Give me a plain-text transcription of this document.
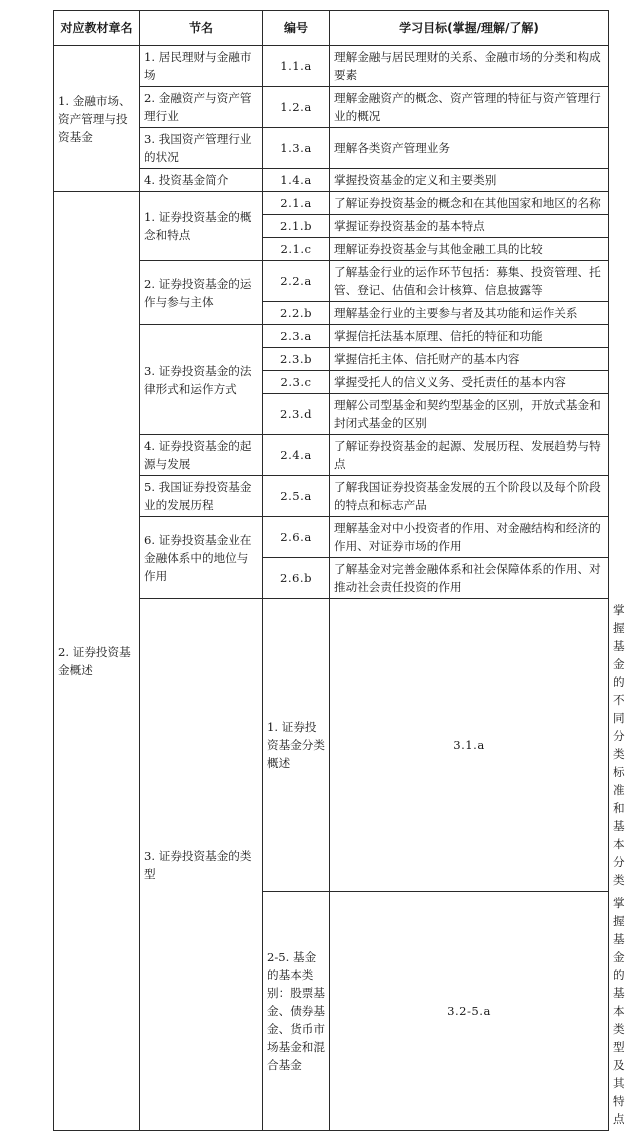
对应教材章名	节名	编号	学习目标(掌握/理解/了解)	
1. 金融市场、资产管理与投资基金	1. 居民理财与金融市场	1.1.a	理解金融与居民理财的关系、金融市场的分类和构成要素	
	2. 金融资产与资产管理行业	1.2.a	理解金融资产的概念、资产管理的特征与资产管理行业的概况	
	3. 我国资产管理行业的状况	1.3.a	理解各类资产管理业务	
	4. 投资基金简介	1.4.a	掌握投资基金的定义和主要类别	
2. 证券投资基金概述	1. 证券投资基金的概念和特点	2.1.a	了解证券投资基金的概念和在其他国家和地区的名称	
		2.1.b	掌握证券投资基金的基本特点	
		2.1.c	理解证券投资基金与其他金融工具的比较	
	2. 证券投资基金的运作与参与主体	2.2.a	了解基金行业的运作环节包括：募集、投资管理、托管、登记、估值和会计核算、信息披露等	
		2.2.b	理解基金行业的主要参与者及其功能和运作关系	
	3. 证券投资基金的法律形式和运作方式	2.3.a	掌握信托法基本原理、信托的特征和功能	
		2.3.b	掌握信托主体、信托财产的基本内容	
		2.3.c	掌握受托人的信义义务、受托责任的基本内容	
		2.3.d	理解公司型基金和契约型基金的区别，开放式基金和封闭式基金的区别	
	4. 证券投资基金的起源与发展	2.4.a	了解证券投资基金的起源、发展历程、发展趋势与特点	
	5. 我国证券投资基金业的发展历程	2.5.a	了解我国证券投资基金发展的五个阶段以及每个阶段的特点和标志产品	
	6. 证券投资基金业在金融体系中的地位与作用	2.6.a	理解基金对中小投资者的作用、对金融结构和经济的作用、对证券市场的作用	
		2.6.b	了解基金对完善金融体系和社会保障体系的作用、对推动社会责任投资的作用	
	3. 证券投资基金的类型	1. 证券投资基金分类概述	3.1.a	掌握基金的不同分类标准和基本分类
		2-5. 基金的基本类别：股票基金、债券基金、货币市场基金和混合基金	3.2-5.a	掌握基金的基本类型及其特点
